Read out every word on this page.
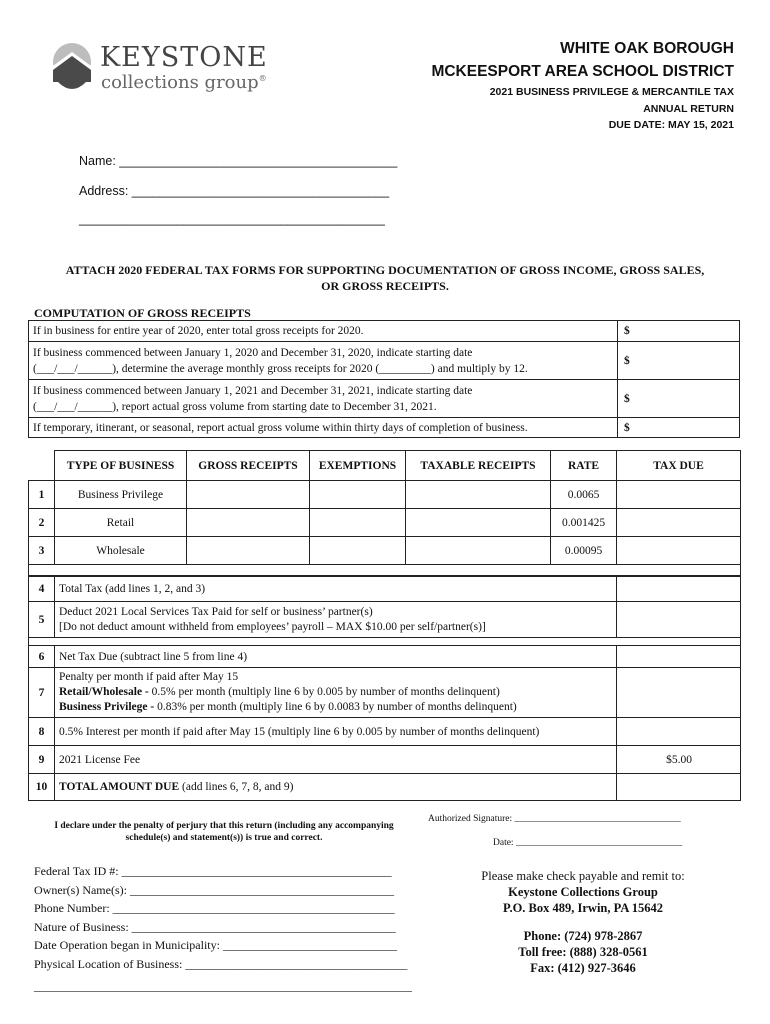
KEYSTONE
collections group®
WHITE OAK BOROUGH
MCKEESPORT AREA SCHOOL DISTRICT
2021 BUSINESS PRIVILEGE & MERCANTILE TAX
ANNUAL RETURN
DUE DATE: MAY 15, 2021
Name: ________________________________________
Address: _____________________________________
____________________________________________
ATTACH 2020 FEDERAL TAX FORMS FOR SUPPORTING DOCUMENTATION OF GROSS INCOME, GROSS SALES,
OR GROSS RECEIPTS.
COMPUTATION OF GROSS RECEIPTS
If in business for entire year of 2020, enter total gross receipts for 2020.	$

If business commenced between January 1, 2020 and December 31, 2020, indicate starting date
(___/___/______), determine the average monthly gross receipts for 2020 (_________) and multiply by 12.	$

If business commenced between January 1, 2021 and December 31, 2021, indicate starting date
(___/___/______), report actual gross volume from starting date to December 31, 2021.	$
If temporary, itinerant, or seasonal, report actual gross volume within thirty days of completion of business.	$
	TYPE OF BUSINESS	GROSS RECEIPTS	EXEMPTIONS	TAXABLE RECEIPTS	RATE	TAX DUE
1	Business Privilege				0.0065	
2	Retail				0.001425	
3	Wholesale				0.00095	

4	Total Tax (add lines 1, 2, and 3)	
5	Deduct 2021 Local Services Tax Paid for self or business’ partner(s)
[Do not deduct amount withheld from employees’ payroll – MAX $10.00 per self/partner(s)]	

6	Net Tax Due (subtract line 5 from line 4)	
7	Penalty per month if paid after May 15
Retail/Wholesale - 0.5% per month (multiply line 6 by 0.005 by number of months delinquent)
Business Privilege - 0.83% per month (multiply line 6 by 0.0083 by number of months delinquent)	

8	0.5% Interest per month if paid after May 15 (multiply line 6 by 0.005 by number of months delinquent)	
9	2021 License Fee	$5.00
10	TOTAL AMOUNT DUE (add lines 6, 7, 8, and 9)	
I declare under the penalty of perjury that this return (including any accompanying
schedule(s) and statement(s)) is true and correct.
Authorized Signature: ___________________________________
Date: ___________________________________
Federal Tax ID #: _____________________________________________
Owner(s) Name(s): ____________________________________________
Phone Number: _______________________________________________
Nature of Business: ____________________________________________
Date Operation began in Municipality: _____________________________
Physical Location of Business: _____________________________________
_______________________________________________________________
Please make check payable and remit to:
Keystone Collections Group
P.O. Box 489, Irwin, PA 15642
Phone: (724) 978-2867
Toll free: (888) 328-0561
Fax: (412) 927-3646
